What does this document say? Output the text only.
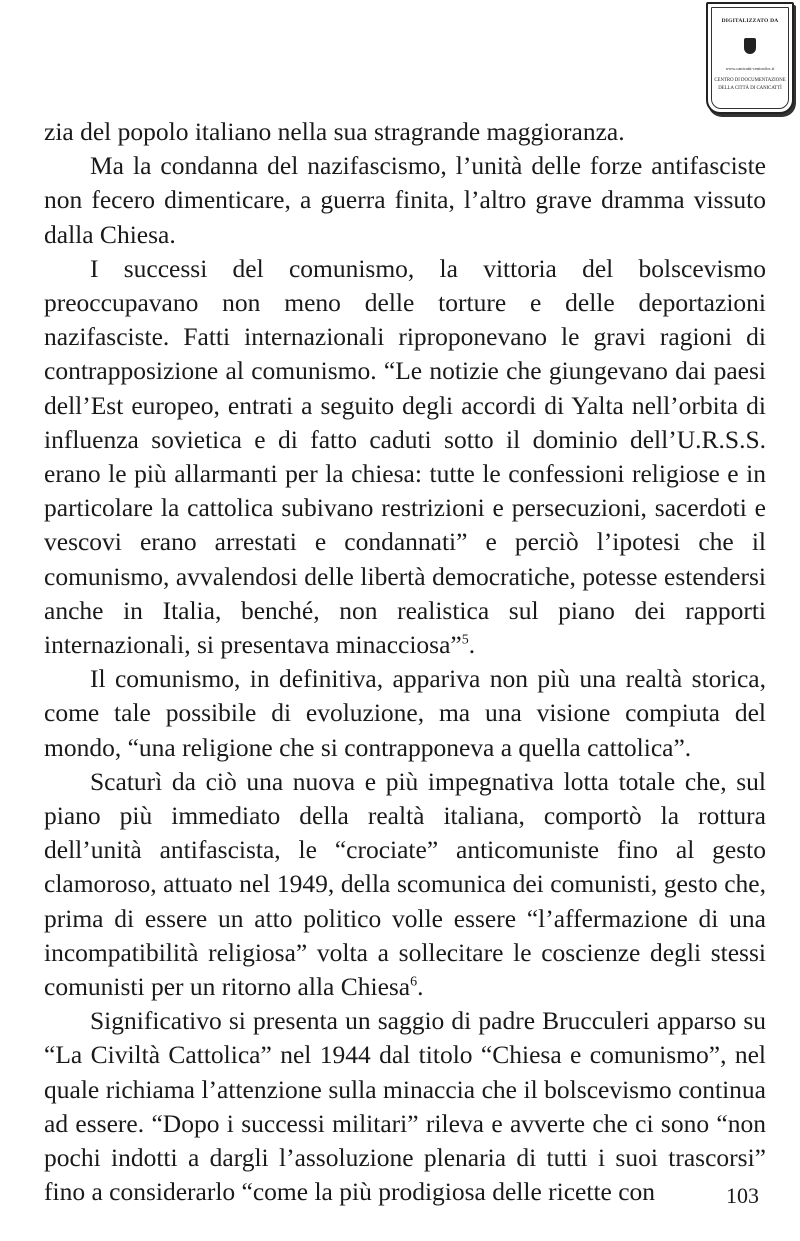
DIGITALIZZATO DA
www.canicatti-centrodoc.it
CENTRO DI DOCUMENTAZIONE
DELLA CITTÀ DI CANICATTÌ

zia del popolo italiano nella sua stragrande maggioranza.

Ma la condanna del nazifascismo, l’unità delle forze antifasciste non fecero dimenticare, a guerra finita, l’altro grave dramma vissuto dalla Chiesa.

I successi del comunismo, la vittoria del bolscevismo preoccupavano non meno delle torture e delle deportazioni nazifasciste. Fatti internazionali riproponevano le gravi ragioni di contrapposizione al comunismo. “Le notizie che giungevano dai paesi dell’Est europeo, entrati a seguito degli accordi di Yalta nell’orbita di influenza sovietica e di fatto caduti sotto il dominio dell’U.R.S.S. erano le più allarmanti per la chiesa: tutte le confessioni religiose e in particolare la cattolica subivano restrizioni e persecuzioni, sacerdoti e vescovi erano arrestati e condannati” e perciò l’ipotesi che il comunismo, avvalendosi delle libertà democratiche, potesse estendersi anche in Italia, benché, non realistica sul piano dei rapporti internazionali, si presentava minacciosa”$^5$.

Il comunismo, in definitiva, appariva non più una realtà storica, come tale possibile di evoluzione, ma una visione compiuta del mondo, “una religione che si contrapponeva a quella cattolica”.

Scaturì da ciò una nuova e più impegnativa lotta totale che, sul piano più immediato della realtà italiana, comportò la rottura dell’unità antifascista, le “crociate” anticomuniste fino al gesto clamoroso, attuato nel 1949, della scomunica dei comunisti, gesto che, prima di essere un atto politico volle essere “l’affermazione di una incompatibilità religiosa” volta a sollecitare le coscienze degli stessi comunisti per un ritorno alla Chiesa$^6$.

Significativo si presenta un saggio di padre Brucculeri apparso su “La Civiltà Cattolica” nel 1944 dal titolo “Chiesa e comunismo”, nel quale richiama l’attenzione sulla minaccia che il bolscevismo continua ad essere. “Dopo i successi militari” rileva e avverte che ci sono “non pochi indotti a dargli l’assoluzione plenaria di tutti i suoi trascorsi” fino a considerarlo “come la più prodigiosa delle ricette con	103
